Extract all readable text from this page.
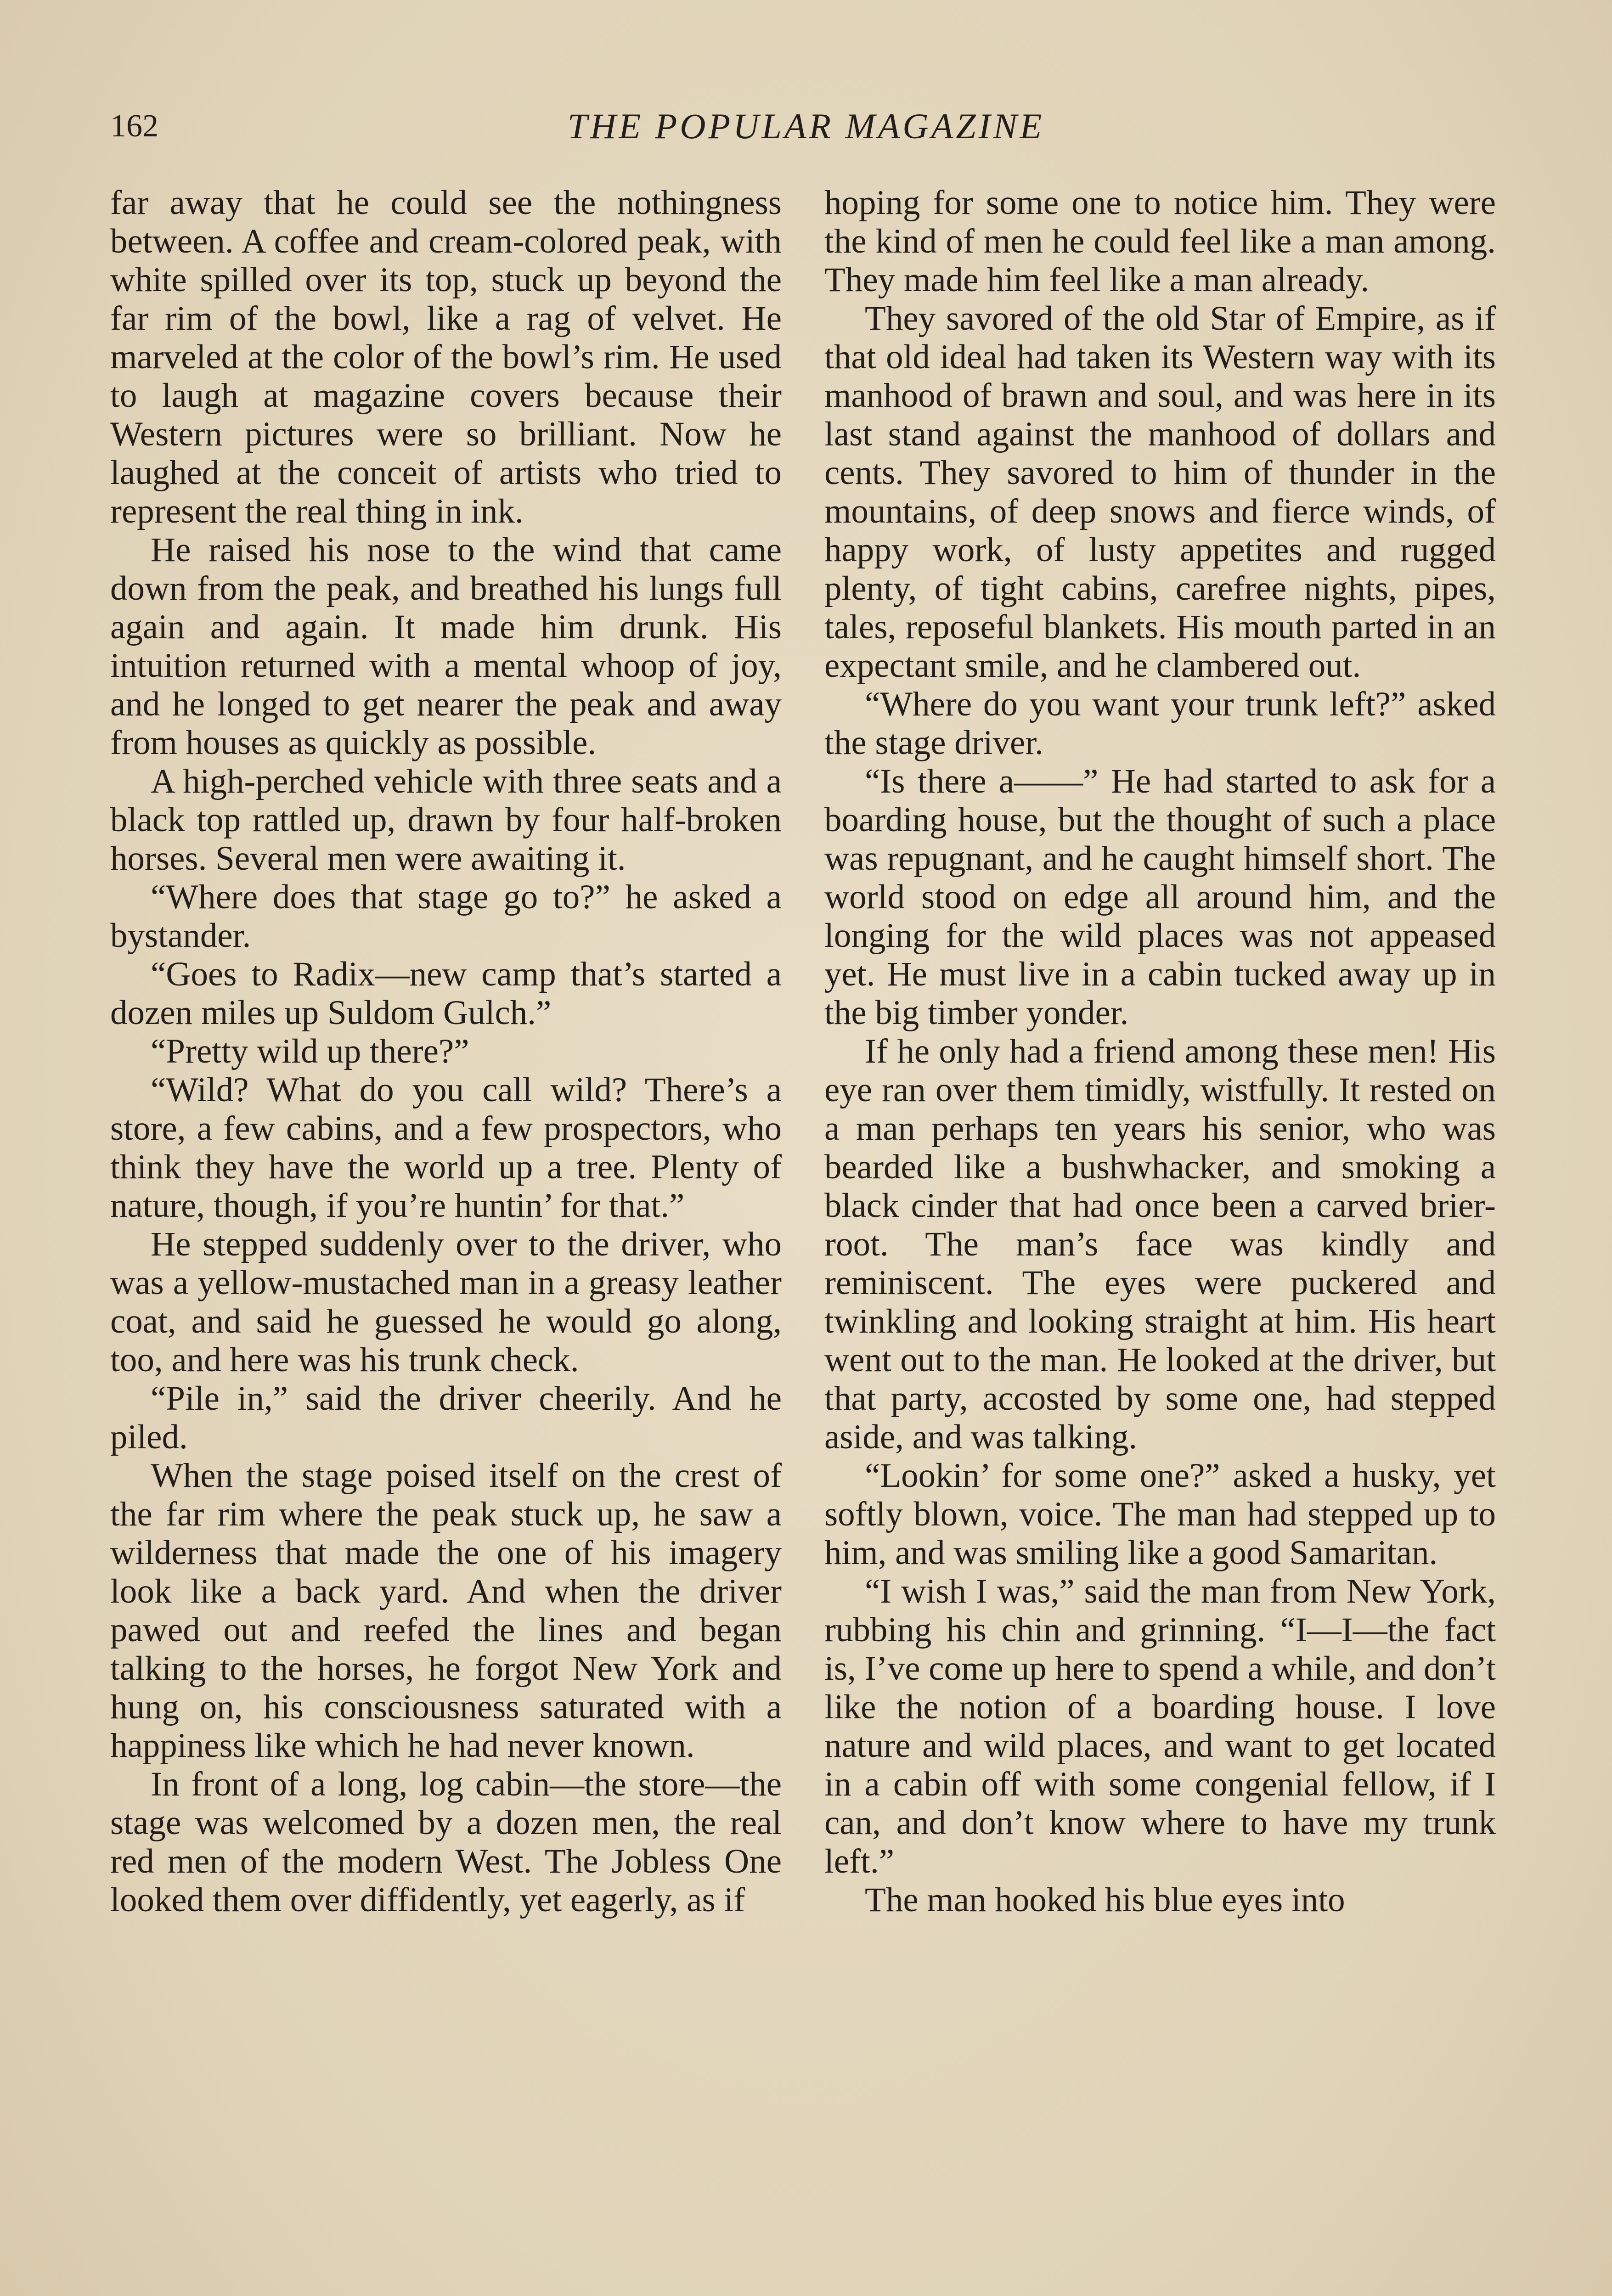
162	THE POPULAR MAGAZINE

far away that he could see the nothingness between. A coffee and cream-colored peak, with white spilled over its top, stuck up beyond the far rim of the bowl, like a rag of velvet. He marveled at the color of the bowl’s rim. He used to laugh at magazine covers because their Western pictures were so brilliant. Now he laughed at the conceit of artists who tried to represent the real thing in ink.

He raised his nose to the wind that came down from the peak, and breathed his lungs full again and again. It made him drunk. His intuition returned with a mental whoop of joy, and he longed to get nearer the peak and away from houses as quickly as possible.

A high-perched vehicle with three seats and a black top rattled up, drawn by four half-broken horses. Several men were awaiting it.

“Where does that stage go to?” he asked a bystander.

“Goes to Radix—new camp that’s started a dozen miles up Suldom Gulch.”

“Pretty wild up there?”

“Wild? What do you call wild? There’s a store, a few cabins, and a few prospectors, who think they have the world up a tree. Plenty of nature, though, if you’re huntin’ for that.”

He stepped suddenly over to the driver, who was a yellow-mustached man in a greasy leather coat, and said he guessed he would go along, too, and here was his trunk check.

“Pile in,” said the driver cheerily. And he piled.

When the stage poised itself on the crest of the far rim where the peak stuck up, he saw a wilderness that made the one of his imagery look like a back yard. And when the driver pawed out and reefed the lines and began talking to the horses, he forgot New York and hung on, his consciousness saturated with a happiness like which he had never known.

In front of a long, log cabin—the store—the stage was welcomed by a dozen men, the real red men of the modern West. The Jobless One looked them over diffidently, yet eagerly, as if

hoping for some one to notice him. They were the kind of men he could feel like a man among. They made him feel like a man already.

They savored of the old Star of Empire, as if that old ideal had taken its Western way with its manhood of brawn and soul, and was here in its last stand against the manhood of dollars and cents. They savored to him of thunder in the mountains, of deep snows and fierce winds, of happy work, of lusty appetites and rugged plenty, of tight cabins, carefree nights, pipes, tales, reposeful blankets. His mouth parted in an expectant smile, and he clambered out.

“Where do you want your trunk left?” asked the stage driver.

“Is there a——” He had started to ask for a boarding house, but the thought of such a place was repugnant, and he caught himself short. The world stood on edge all around him, and the longing for the wild places was not appeased yet. He must live in a cabin tucked away up in the big timber yonder.

If he only had a friend among these men! His eye ran over them timidly, wistfully. It rested on a man perhaps ten years his senior, who was bearded like a bushwhacker, and smoking a black cinder that had once been a carved brier-root. The man’s face was kindly and reminiscent. The eyes were puckered and twinkling and looking straight at him. His heart went out to the man. He looked at the driver, but that party, accosted by some one, had stepped aside, and was talking.

“Lookin’ for some one?” asked a husky, yet softly blown, voice. The man had stepped up to him, and was smiling like a good Samaritan.

“I wish I was,” said the man from New York, rubbing his chin and grinning. “I—I—the fact is, I’ve come up here to spend a while, and don’t like the notion of a boarding house. I love nature and wild places, and want to get located in a cabin off with some congenial fellow, if I can, and don’t know where to have my trunk left.”

The man hooked his blue eyes into
